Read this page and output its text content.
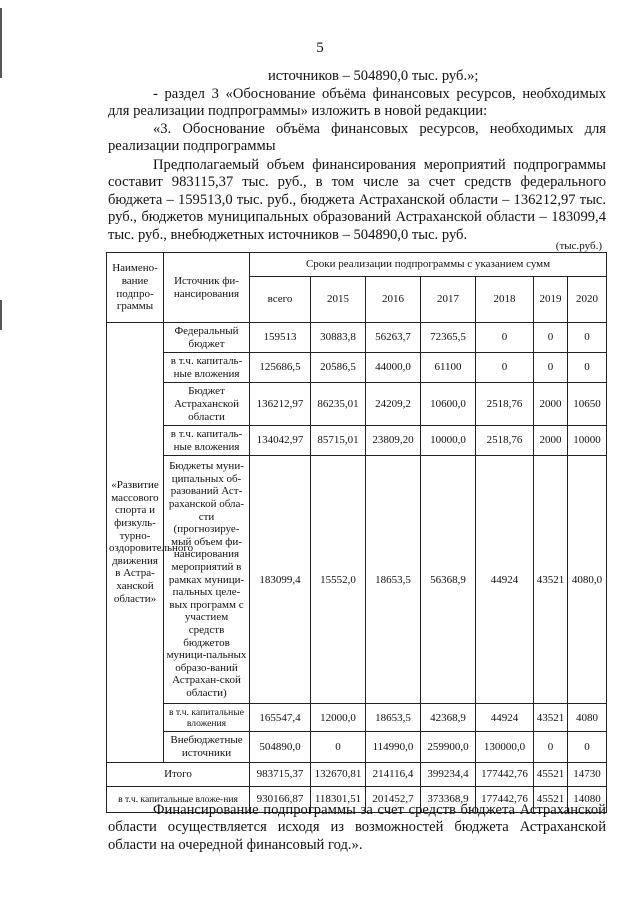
5

источников – 504890,0 тыс. руб.»;

- раздел 3 «Обоснование объёма финансовых ресурсов, необходимых для реализации подпрограммы» изложить в новой редакции:

«3. Обоснование объёма финансовых ресурсов, необходимых для реализации подпрограммы

Предполагаемый объем финансирования мероприятий подпрограммы составит 983115,37 тыс. руб., в том числе за счет средств федерального бюджета – 159513,0 тыс. руб., бюджета Астраханской области – 136212,97 тыс. руб., бюджетов муниципальных образований Астраханской области – 183099,4 тыс. руб., внебюджетных источников – 504890,0 тыс. руб.

(тыс.руб.)
Наимено-вание подпро-граммы	Источник фи-нансирования	Сроки реализации подпрограммы с указанием сумм						
		всего	2015	2016	2017	2018	2019	2020
«Развитие массового спорта и физкуль-турно-оздоровительного движения в Астра-ханской области»	Федеральный бюджет	159513	30883,8	56263,7	72365,5	0	0	0
	в т.ч. капиталь-ные вложения	125686,5	20586,5	44000,0	61100	0	0	0
	Бюджет Астраханской области	136212,97	86235,01	24209,2	10600,0	2518,76	2000	10650
	в т.ч. капиталь-ные вложения	134042,97	85715,01	23809,20	10000,0	2518,76	2000	10000
	Бюджеты муни-ципальных об-разований Аст-раханской обла-сти (прогнозируе-мый объем фи-нансирования мероприятий в рамках муници-пальных целе-вых программ с участием средств бюджетов муници-пальных образо-ваний Астрахан-ской области)	183099,4	15552,0	18653,5	56368,9	44924	43521	4080,0
	в т.ч. капитальные вложения	165547,4	12000,0	18653,5	42368,9	44924	43521	4080
	Внебюджетные источники	504890,0	0	114990,0	259900,0	130000,0	0	0
Итого		983715,37	132670,81	214116,4	399234,4	177442,76	45521	14730
в т.ч. капитальные вложе-ния		930166,87	118301,51	201452,7	373368,9	177442,76	45521	14080

Финансирование подпрограммы за счет средств бюджета Астраханской области осуществляется исходя из возможностей бюджета Астраханской области на очередной финансовый год.».
